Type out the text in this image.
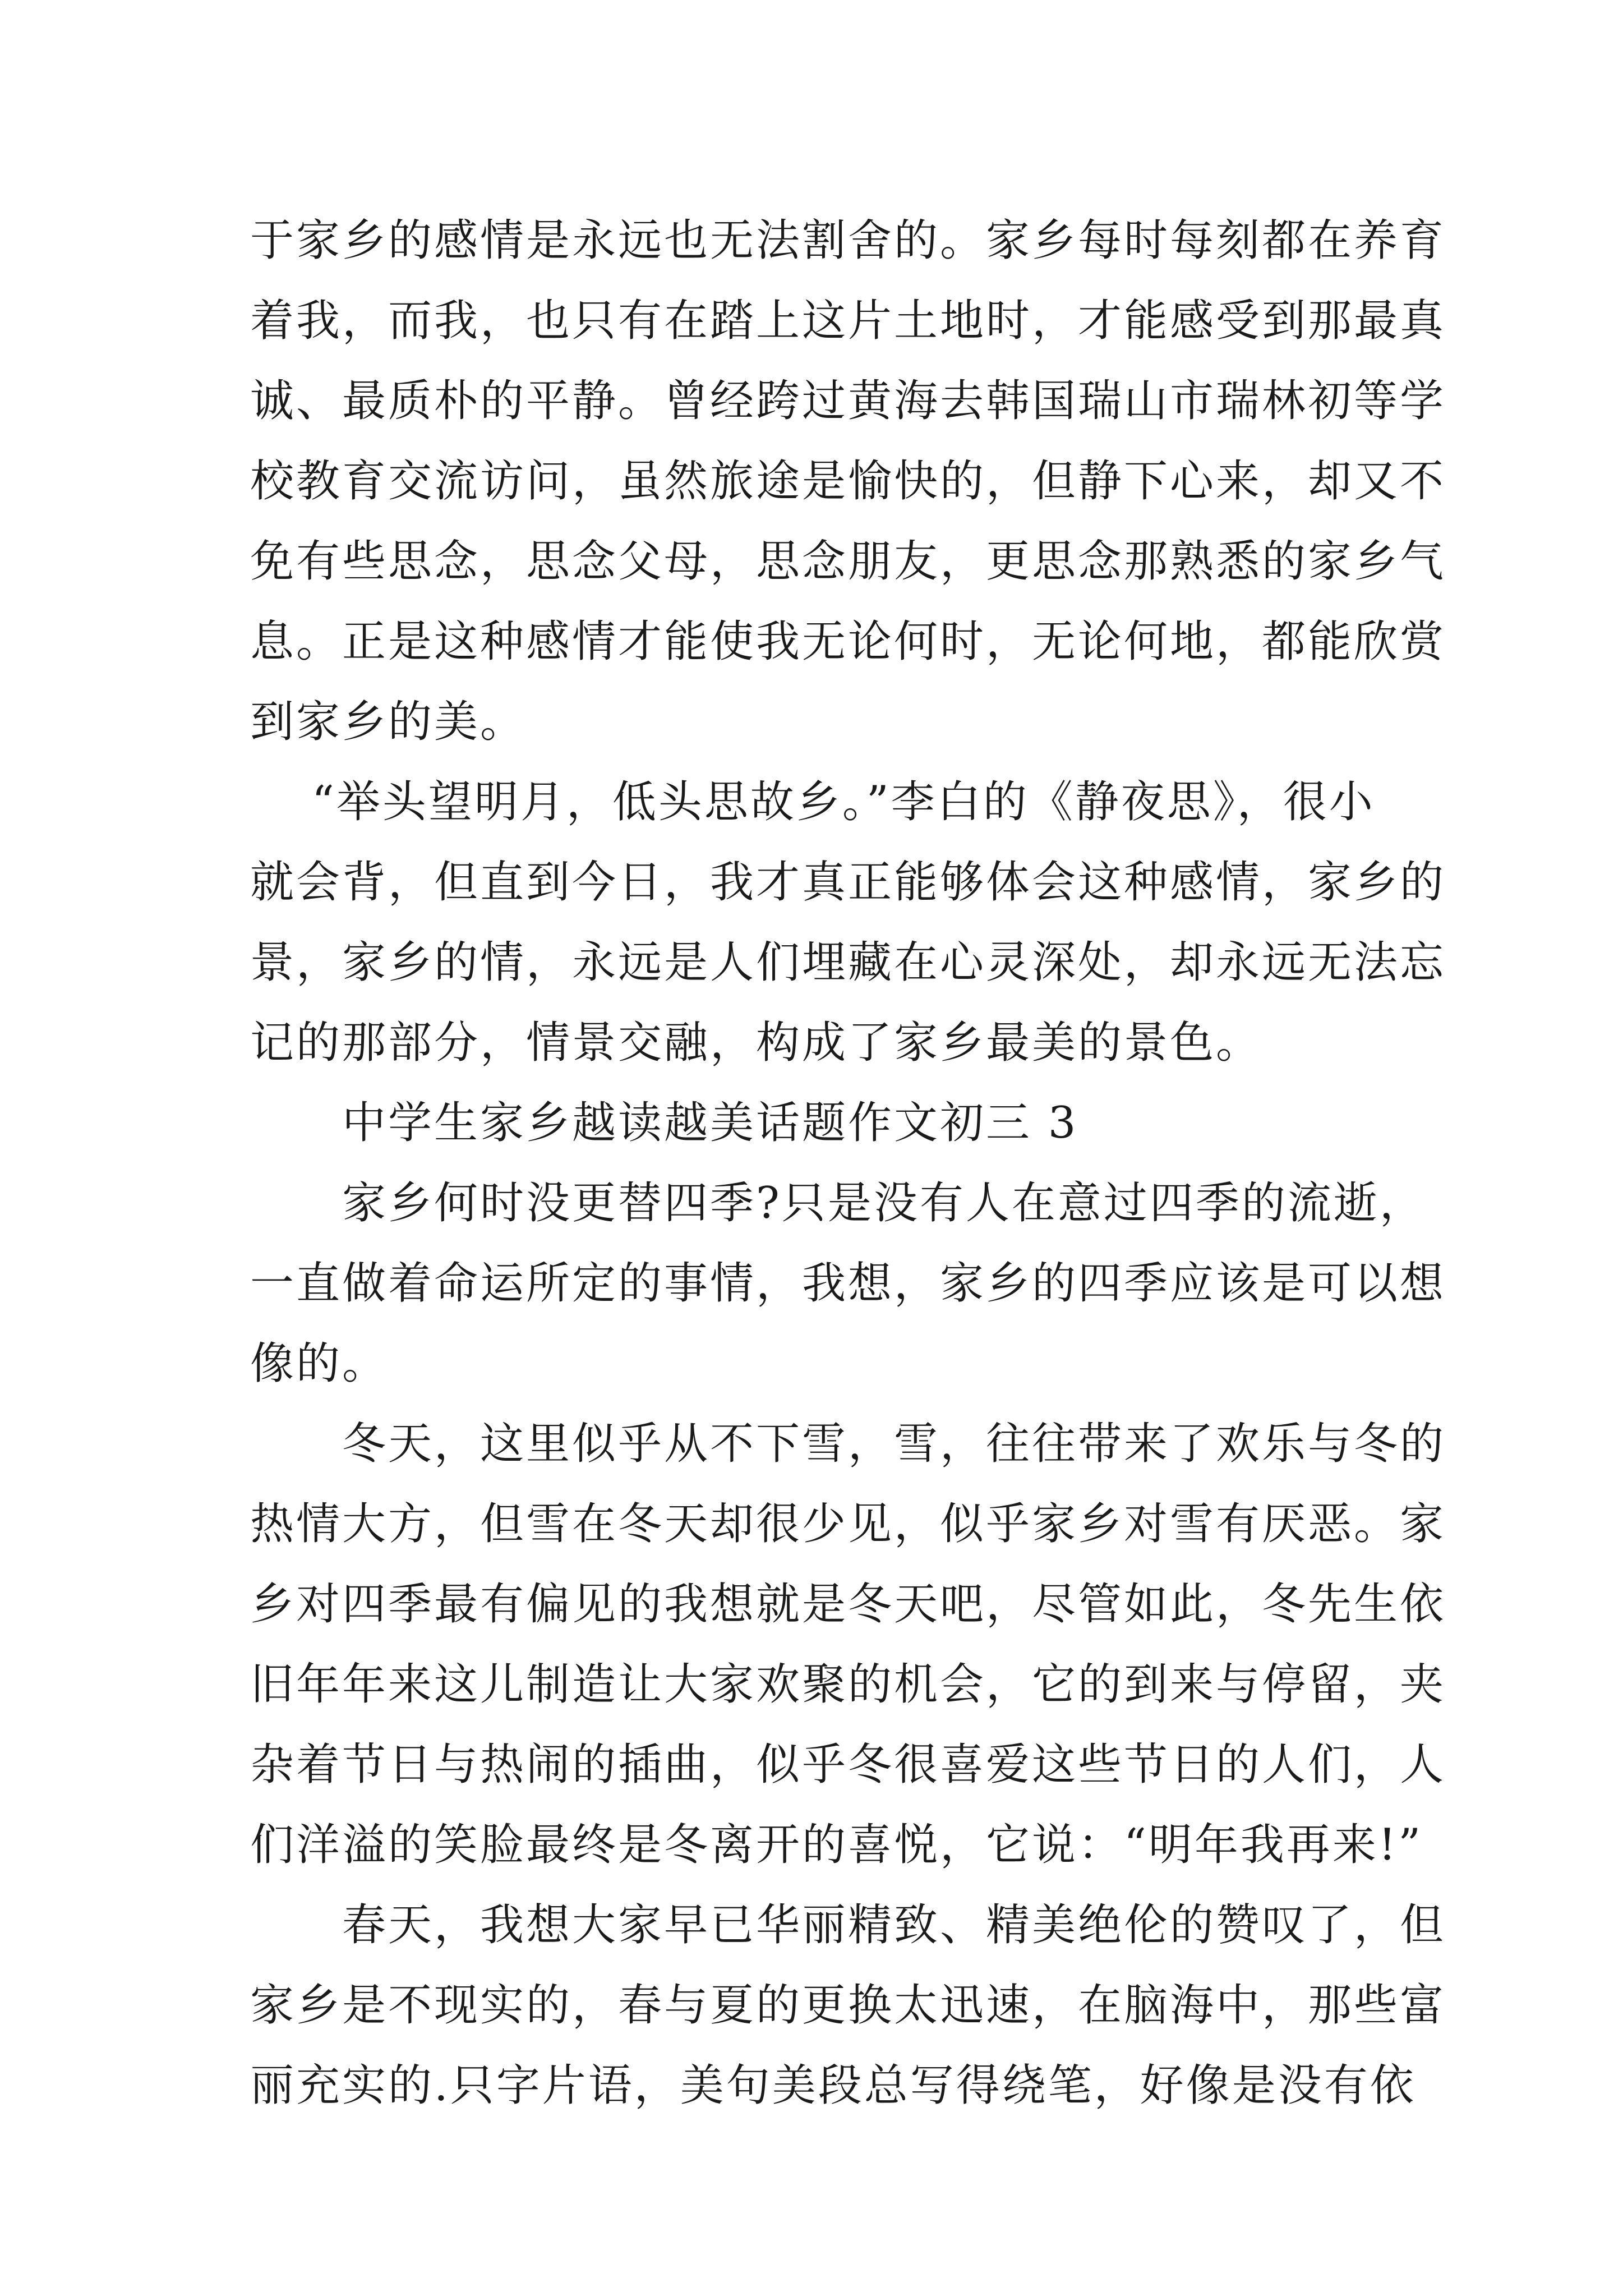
于家乡的感情是永远也无法割舍的。家乡每时每刻都在养育
着我，而我，也只有在踏上这片土地时，才能感受到那最真
诚、最质朴的平静。曾经跨过黄海去韩国瑞山市瑞林初等学
校教育交流访问，虽然旅途是愉快的，但静下心来，却又不
免有些思念，思念父母，思念朋友，更思念那熟悉的家乡气
息。正是这种感情才能使我无论何时，无论何地，都能欣赏
到家乡的美。

“举头望明月，低头思故乡。”李白的《静夜思》，很小
就会背，但直到今日，我才真正能够体会这种感情，家乡的
景，家乡的情，永远是人们埋藏在心灵深处，却永远无法忘
记的那部分，情景交融，构成了家乡最美的景色。

中学生家乡越读越美话题作文初三 3

家乡何时没更替四季?只是没有人在意过四季的流逝，
一直做着命运所定的事情，我想，家乡的四季应该是可以想
像的。

冬天，这里似乎从不下雪，雪，往往带来了欢乐与冬的
热情大方，但雪在冬天却很少见，似乎家乡对雪有厌恶。家
乡对四季最有偏见的我想就是冬天吧，尽管如此，冬先生依
旧年年来这儿制造让大家欢聚的机会，它的到来与停留，夹
杂着节日与热闹的插曲，似乎冬很喜爱这些节日的人们，人
们洋溢的笑脸最终是冬离开的喜悦，它说：“明年我再来!”

春天，我想大家早已华丽精致、精美绝伦的赞叹了，但
家乡是不现实的，春与夏的更换太迅速，在脑海中，那些富
丽充实的.只字片语，美句美段总写得绕笔，好像是没有依
